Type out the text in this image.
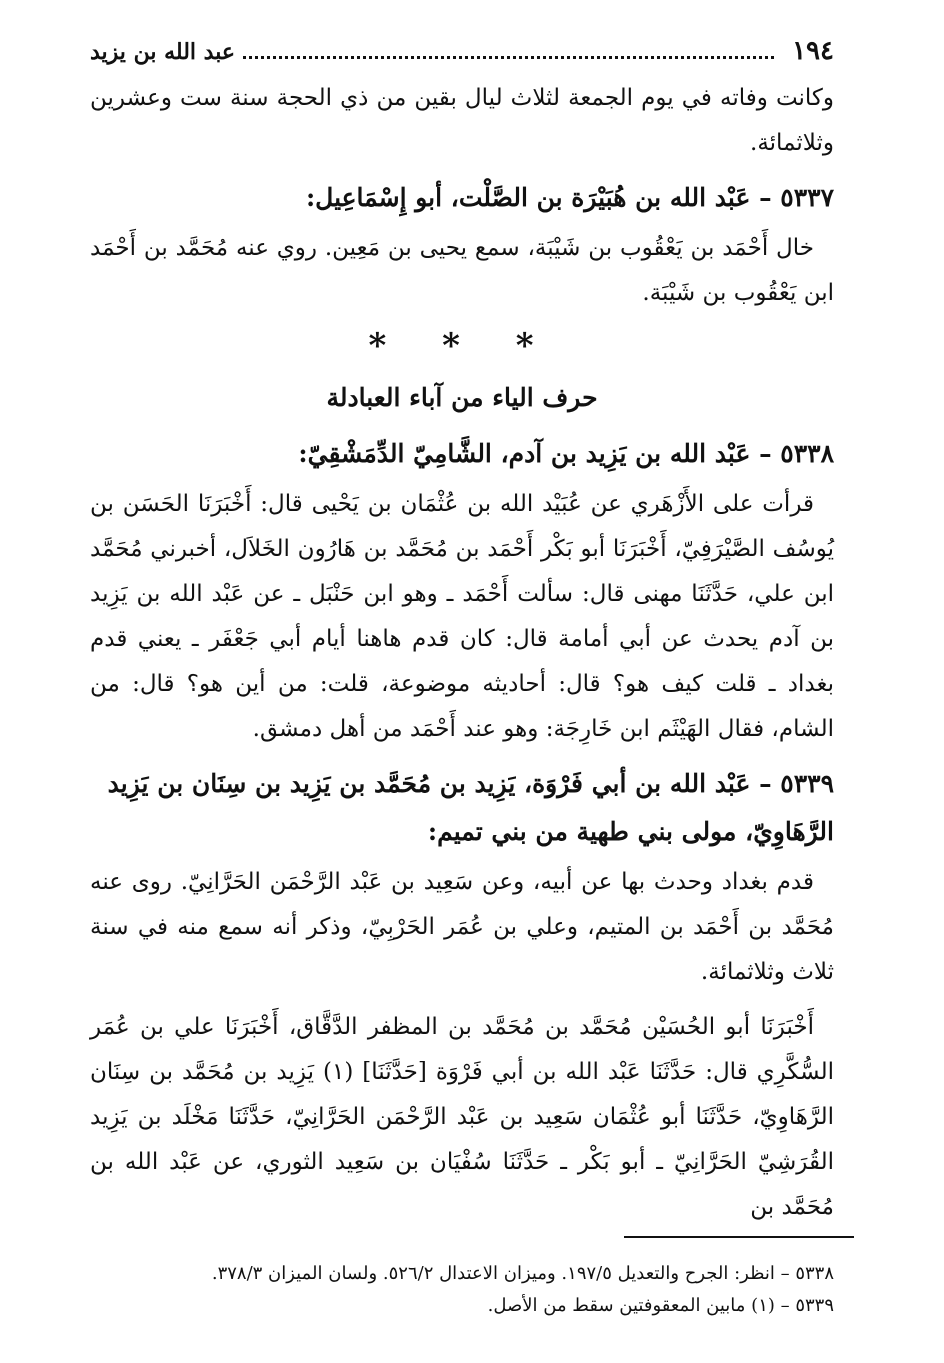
١٩٤
عبد الله بن يزيد

وكانت وفاته في يوم الجمعة لثلاث ليال بقين من ذي الحجة سنة ست وعشرين وثلاثمائة.

٥٣٣٧ – عَبْد الله بن هُبَيْرَة بن الصَّلْت، أبو إِسْمَاعِيل:

خال أَحْمَد بن يَعْقُوب بن شَيْبَة، سمع يحيى بن مَعِين. روي عنه مُحَمَّد بن أَحْمَد ابن يَعْقُوب بن شَيْبَة.

* * *
حرف الياء من آباء العبادلة
٥٣٣٨ – عَبْد الله بن يَزِيد بن آدم، الشَّامِيّ الدِّمَشْقِيّ:

قرأت على الأَزْهَري عن عُبَيْد الله بن عُثْمَان بن يَحْيى قال: أَخْبَرَنَا الحَسَن بن يُوسُف الصَّيْرَفِيّ، أَخْبَرَنَا أبو بَكْر أَحْمَد بن مُحَمَّد بن هَارُون الخَلاَل، أخبرني مُحَمَّد ابن علي، حَدَّثَنَا مهنى قال: سألت أَحْمَد ـ وهو ابن حَنْبَل ـ عن عَبْد الله بن يَزِيد بن آدم يحدث عن أبي أمامة قال: كان قدم هاهنا أيام أبي جَعْفَر ـ يعني قدم بغداد ـ قلت كيف هو؟ قال: أحاديثه موضوعة، قلت: من أين هو؟ قال: من الشام، فقال الهَيْثَم ابن خَارِجَة: وهو عند أَحْمَد من أهل دمشق.

٥٣٣٩ – عَبْد الله بن أبي فَرْوَة، يَزِيد بن مُحَمَّد بن يَزِيد بن سِنَان بن يَزِيد الرَّهَاوِيّ، مولى بني طهية من بني تميم:

قدم بغداد وحدث بها عن أبيه، وعن سَعِيد بن عَبْد الرَّحْمَن الحَرَّانِيّ. روى عنه مُحَمَّد بن أَحْمَد بن المتيم، وعلي بن عُمَر الحَرْبِيّ، وذكر أنه سمع منه في سنة ثلاث وثلاثمائة.

أَخْبَرَنَا أبو الحُسَيْن مُحَمَّد بن مُحَمَّد بن المظفر الدَّقَّاق، أَخْبَرَنَا علي بن عُمَر السُّكَّرِي قال: حَدَّثَنَا عَبْد الله بن أبي فَرْوَة [حَدَّثَنَا] (١) يَزِيد بن مُحَمَّد بن سِنَان الرَّهَاوِيّ، حَدَّثَنَا أبو عُثْمَان سَعِيد بن عَبْد الرَّحْمَن الحَرَّانِيّ، حَدَّثَنَا مَخْلَد بن يَزِيد القُرَشِيّ الحَرَّانِيّ ـ أبو بَكْر ـ حَدَّثَنَا سُفْيَان بن سَعِيد الثوري، عن عَبْد الله بن مُحَمَّد بن

٥٣٣٨ – انظر: الجرح والتعديل ١٩٧/٥. وميزان الاعتدال ٥٢٦/٢. ولسان الميزان ٣٧٨/٣.
٥٣٣٩ – (١) مابين المعقوفتين سقط من الأصل.
